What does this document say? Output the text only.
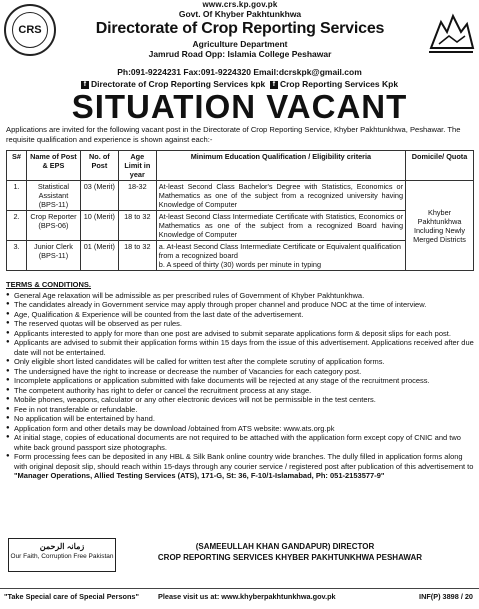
CRS
www.crs.kp.gov.pk
Govt. Of Khyber Pakhtunkhwa
Directorate of Crop Reporting Services
Agriculture Department
Jamrud Road Opp: Islamia College Peshawar
Ph:091-9224231 Fax:091-9224320 Email:dcrskpk@gmail.com
f Directorate of Crop Reporting Services kpk f Crop Reporting Services Kpk
SITUATION VACANT
Applications are invited for the following vacant post in the Directorate of Crop Reporting Service, Khyber Pakhtunkhwa, Peshawar. The requisite qualification and experience is shown against each:-
S#	Name of Post & EPS	No. of Post	Age Limit in year	Minimum Education Qualification / Eligibility criteria	Domicile/ Quota
1.	Statistical Assistant (BPS-11)	03 (Merit)	18-32	At-least Second Class Bachelor's Degree with Statistics, Economics or Mathematics as one of the subject from a recognized university having Knowledge of Computer	Khyber Pakhtunkhwa Including Newly Merged Districts
2.	Crop Reporter (BPS-06)	10 (Merit)	18 to 32	At-least Second Class Intermediate Certificate with Statistics, Economics or Mathematics as one of the subject from a recognized Board having Knowledge of Computer	
3.	Junior Clerk (BPS-11)	01 (Merit)	18 to 32	a. At-least Second Class Intermediate Certificate or Equivalent qualification from a recognized board
b. A speed of thirty (30) words per minute in typing	
TERMS & CONDITIONS.
● General Age relaxation will be admissible as per prescribed rules of Government of Khyber Pakhtunkhwa.
● The candidates already in Government service may apply through proper channel and produce NOC at the time of interview.
● Age, Qualification & Experience will be counted from the last date of the advertisement.
● The reserved quotas will be observed as per rules.
● Applicants interested to apply for more than one post are advised to submit separate applications form & deposit slips for each post.
● Applicants are advised to submit their application forms within 15 days from the issue of this advertisement. Applications received after due date will not be entertained.
● Only eligible short listed candidates will be called for written test after the complete scrutiny of application forms.
● The undersigned have the right to increase or decrease the number of Vacancies for each category post.
● Incomplete applications or application submitted with fake documents will be rejected at any stage of the recruitment process.
● The competent authority has right to defer or cancel the recruitment process at any stage.
● Mobile phones, weapons, calculator or any other electronic devices will not be permissible in the test centers.
● Fee in not transferable or refundable.
● No application will be entertained by hand.
● Application form and other details may be download /obtained from ATS website: www.ats.org.pk
● At initial stage, copies of educational documents are not required to be attached with the application form except copy of CNIC and two white back ground passport size photographs.
● Form processing fees can be deposited in any HBL & Silk Bank online country wide branches. The dully filled in application forms along with original deposit slip, should reach within 15-days through any courier service / registered post after publication of this advertisement to "Manager Operations, Allied Testing Services (ATS), 171-G, St: 36, F-10/1-Islamabad, Ph: 051-2153577-9"
زمانہ الرحمن
Our Faith, Corruption Free Pakistan
(SAMEEULLAH KHAN GANDAPUR) DIRECTOR
CROP REPORTING SERVICES KHYBER PAKHTUNKHWA PESHAWAR
"Take Special care of Special Persons"	Please visit us at: www.khyberpakhtunkhwa.gov.pk	INF(P) 3898 / 20
